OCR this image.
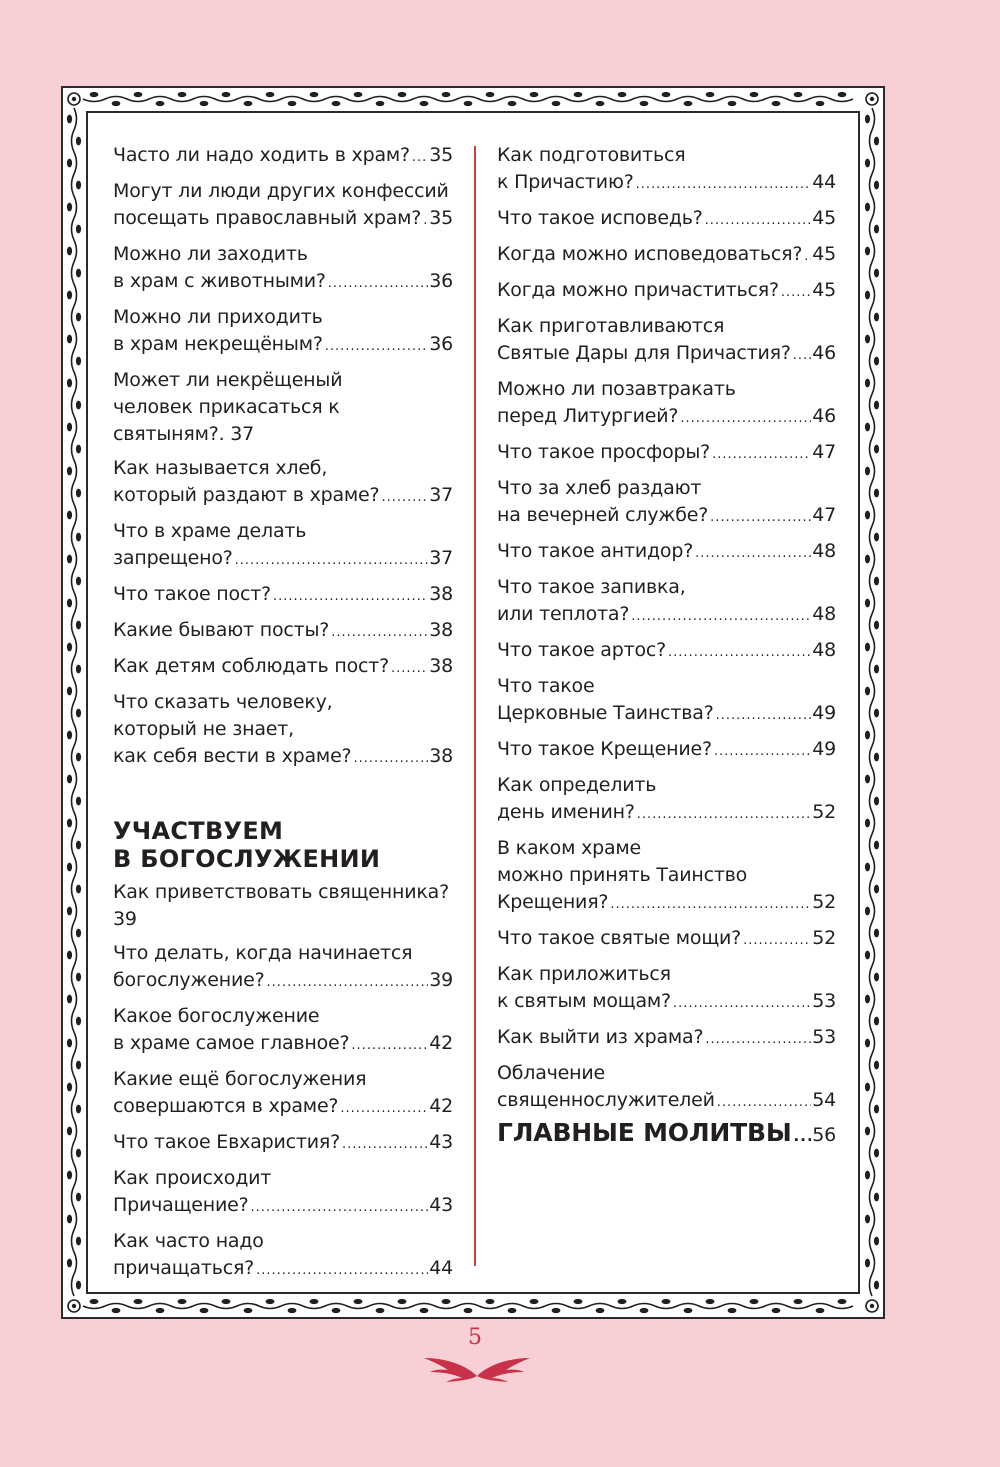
Часто ли надо ходить в храм? ..... 35
Могут ли люди других конфессий
посещать православный храм? ..... 35
Можно ли заходить
в храм с животными? .....	36
Можно ли приходить
в храм некрещёным? .....	36
Может ли некрёщеный
человек прикасаться к святыням?. 37
Как называется хлеб,
который раздают в храме? .....	37
Что в храме делать
запрещено? .....	37
Что такое пост? .....	38
Какие бывают посты? .....	38
Как детям соблюдать пост? ..... 38
Что сказать человеку,
который не знает,
как себя вести в храме? .....	38
УЧАСТВУЕМ
В БОГОСЛУЖЕНИИ
Как приветствовать священника? 39
Что делать, когда начинается
богослужение? .....	39
Какое богослужение
в храме самое главное? .....	42
Какие ещё богослужения
совершаются в храме? .....	42
Что такое Евхаристия? .....	43
Как происходит
Причащение? .....	43
Как часто надо
причащаться? .....	44
Как подготовиться
к Причастию? .....	44
Что такое исповедь? .....	45
Когда можно исповедоваться? ..... 45
Когда можно причаститься? ..... 45
Как приготавливаются
Святые Дары для Причастия? ..... 46
Можно ли позавтракать
перед Литургией? .....	46
Что такое просфоры? .....	47
Что за хлеб раздают
на вечерней службе? .....	47
Что такое антидор? .....	48
Что такое запивка,
или теплота? .....	48
Что такое артос? .....	48
Что такое
Церковные Таинства? .....	49
Что такое Крещение? .....	49
Как определить
день именин? .....	52
В каком храме
можно принять Таинство
Крещения? .....	52
Что такое святые мощи? .....	52
Как приложиться
к святым мощам? .....	53
Как выйти из храма? .....	53
Облачение
священнослужителей .....	54
ГЛАВНЫЕ МОЛИТВЫ ..... 56
5
